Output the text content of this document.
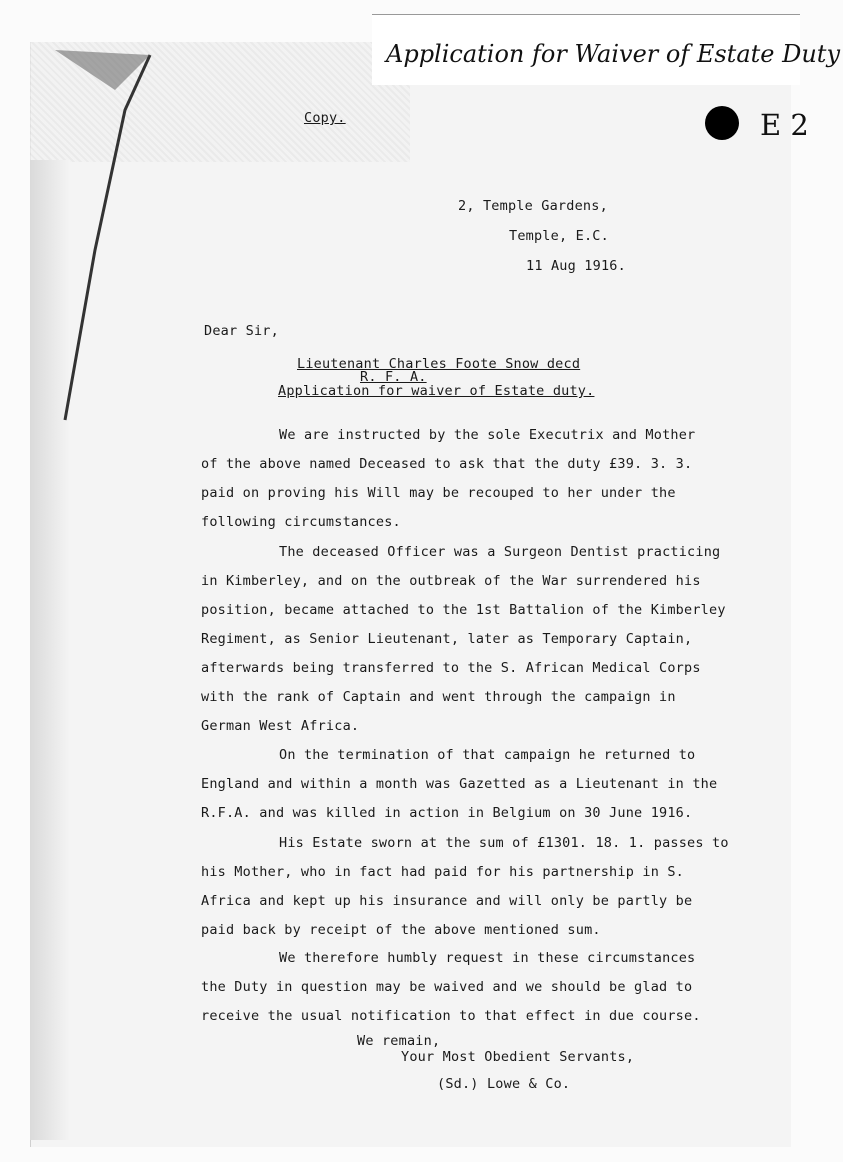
Application for Waiver of Estate Duty
E 2
Copy.
2, Temple Gardens,
Temple, E.C.
11 Aug 1916.
Dear Sir,
Lieutenant Charles Foote Snow decd
R. F. A.
Application for waiver of Estate duty.
We are instructed by the sole Executrix and Mother
of the above named Deceased to ask that the duty £39. 3. 3.
paid on proving his Will may be recouped to her under the
following circumstances.
The deceased Officer was a Surgeon Dentist practicing
in Kimberley, and on the outbreak of the War surrendered his
position, became attached to the 1st Battalion of the Kimberley
Regiment, as Senior Lieutenant, later as Temporary Captain,
afterwards being transferred to the S. African Medical Corps
with the rank of Captain and went through the campaign in
German West Africa.
On the termination of that campaign he returned to
England and within a month was Gazetted as a Lieutenant in the
R.F.A. and was killed in action in Belgium on 30 June 1916.
His Estate sworn at the sum of £1301. 18. 1. passes to
his Mother, who in fact had paid for his partnership in S.
Africa and kept up his insurance and will only be partly be
paid back by receipt of the above mentioned sum.
We therefore humbly request in these circumstances
the Duty in question may be waived and we should be glad to
receive the usual notification to that effect in due course.
We remain,
Your Most Obedient Servants,
(Sd.) Lowe & Co.
